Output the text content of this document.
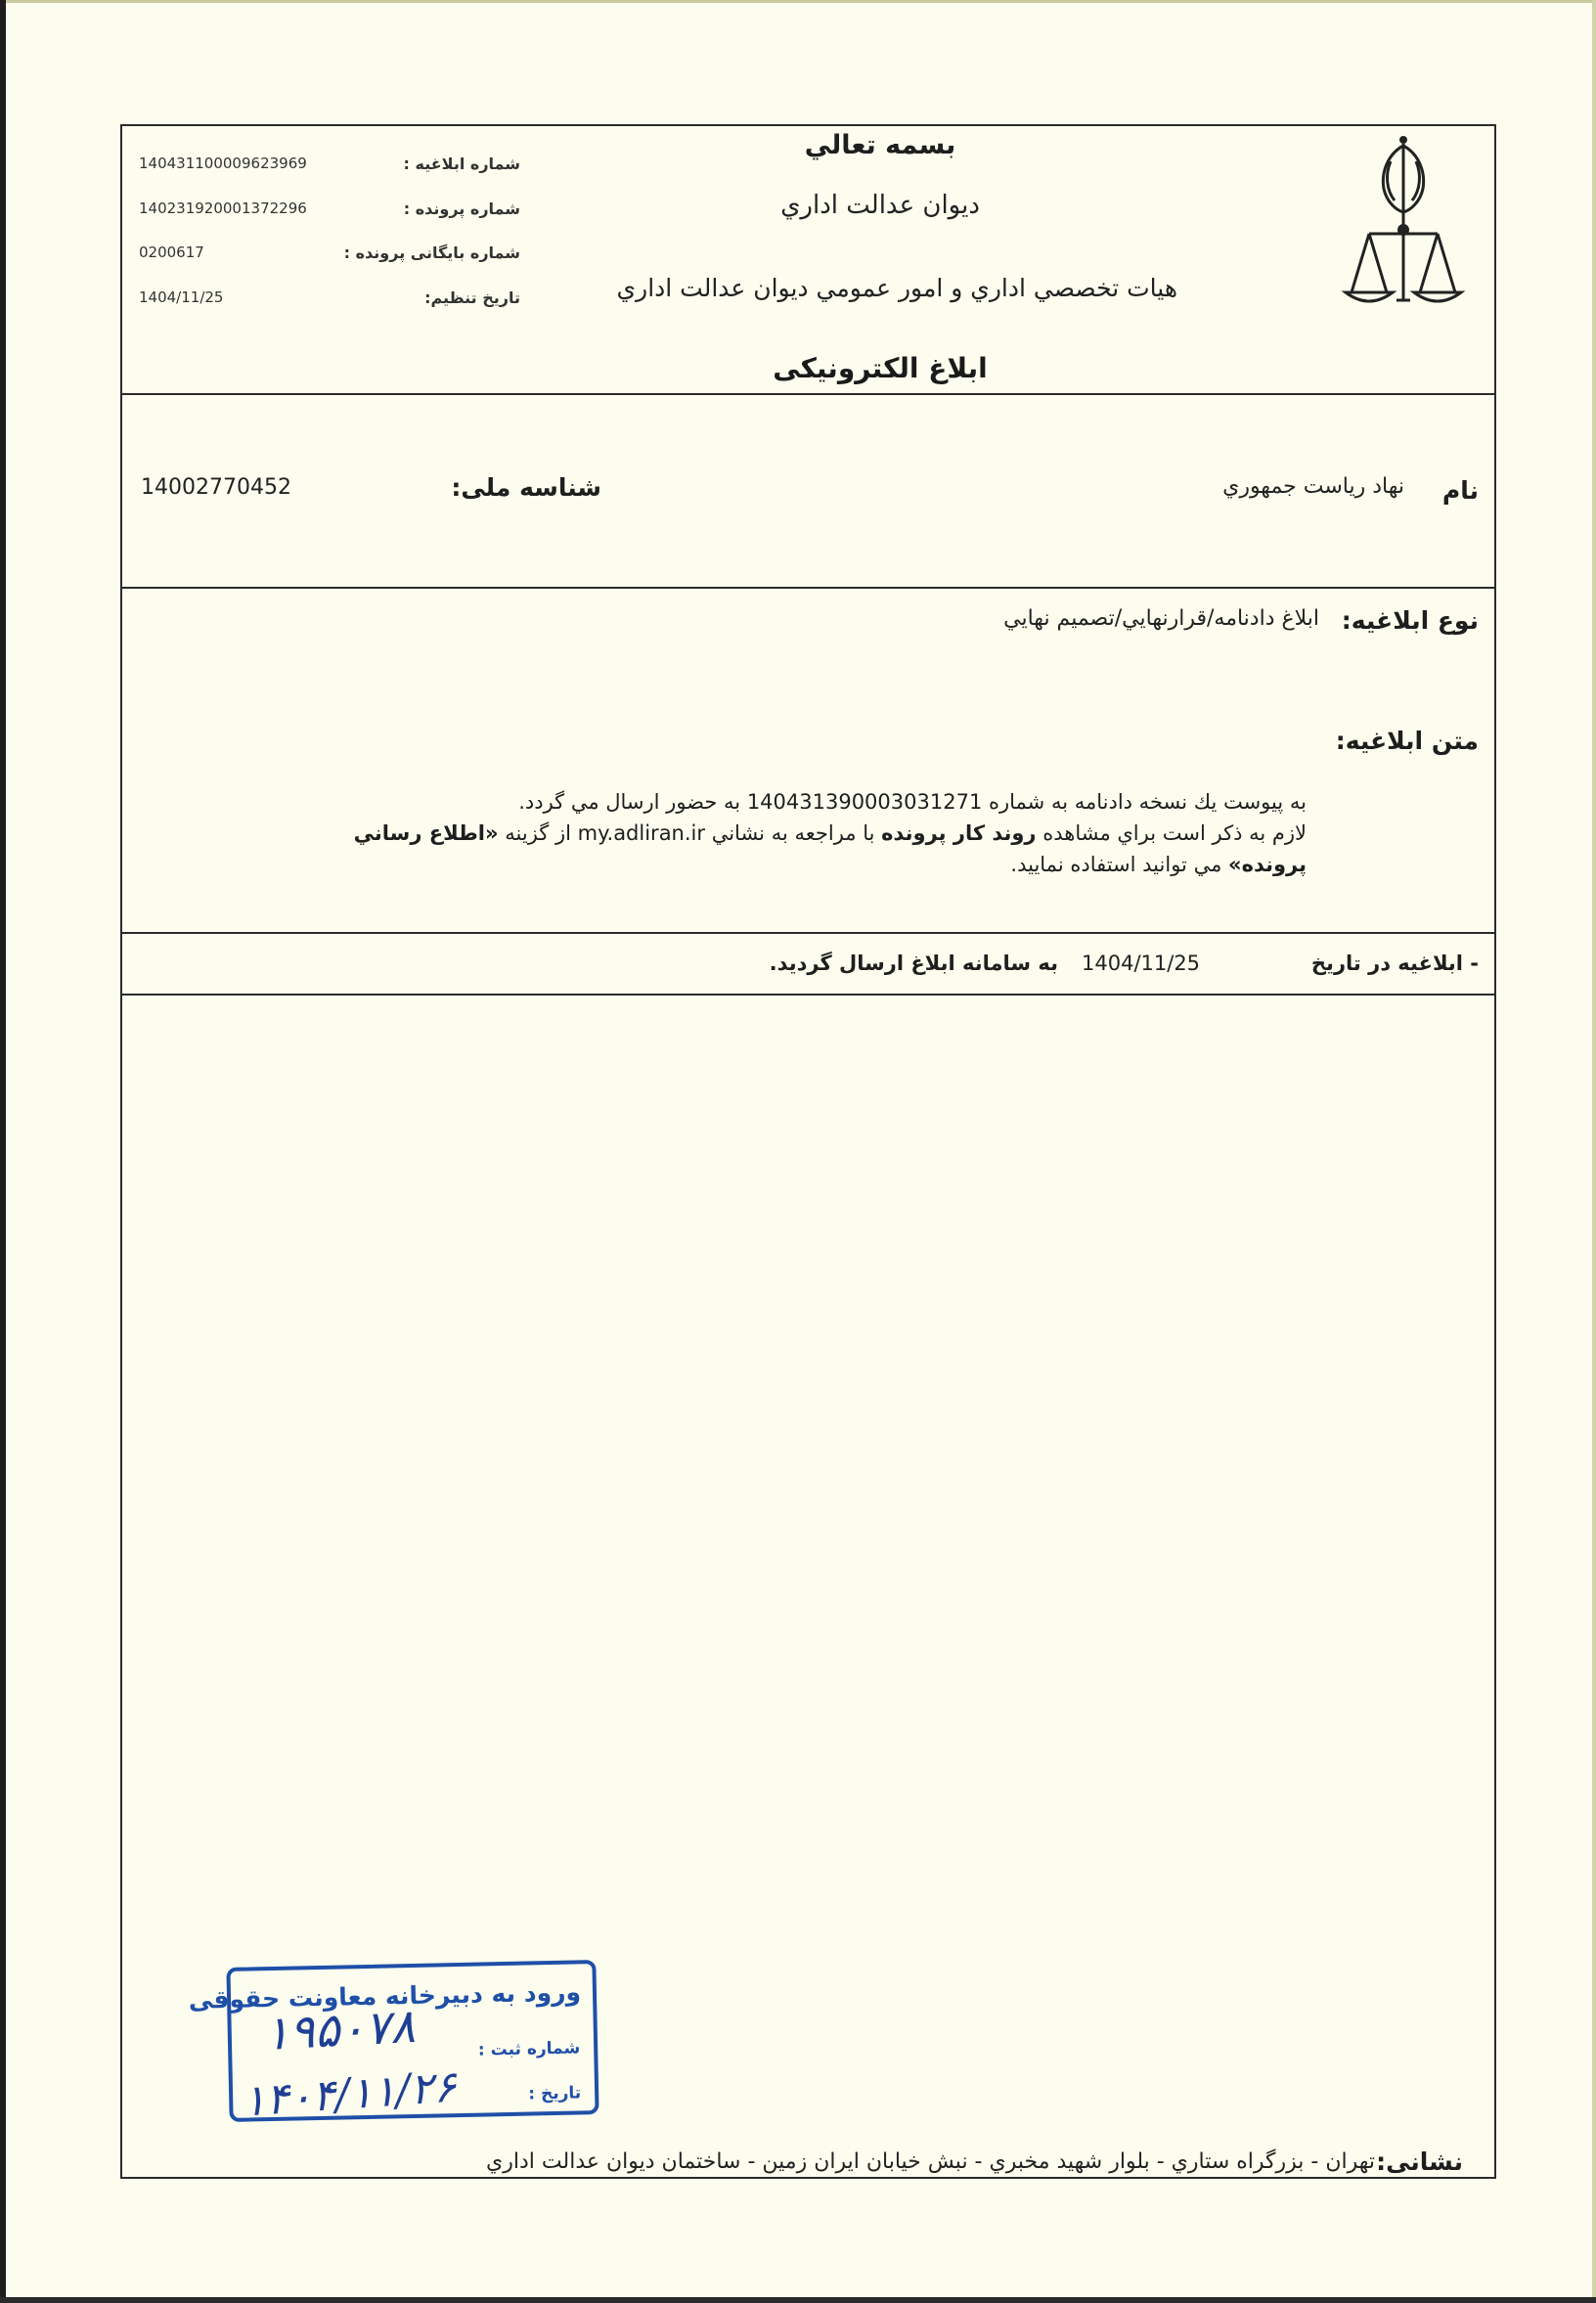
بسمه تعالي
ديوان عدالت اداري
هيات تخصصي اداري و امور عمومي ديوان عدالت اداري
ابلاغ الكترونيكی
شماره ابلاغيه :
140431100009623969
شماره پرونده :
140231920001372296
شماره بايگانی پرونده :
0200617
تاريخ تنظيم:
1404/11/25
نام
نهاد رياست جمهوري
شناسه ملی:
14002770452
نوع ابلاغيه:
ابلاغ دادنامه/قرارنهايي/تصميم نهايي
متن ابلاغيه:
به پيوست يك نسخه دادنامه به شماره 140431390003031271 به حضور ارسال مي گردد.
لازم به ذكر است براي مشاهده روند كار پرونده با مراجعه به نشاني my.adliran.ir از گزينه «اطلاع رساني
پرونده» مي توانيد استفاده نماييد.
- ابلاغيه در تاريخ
1404/11/25
به سامانه ابلاغ ارسال گرديد.
ورود به دبيرخانه معاونت حقوقی
شماره ثبت :
تاريخ :
۱۹۵۰۷۸
۱۴۰۴/۱۱/۲۶
نشانی:
تهران - بزرگراه ستاري - بلوار شهيد مخبري - نبش خيابان ايران زمين - ساختمان ديوان عدالت اداري
